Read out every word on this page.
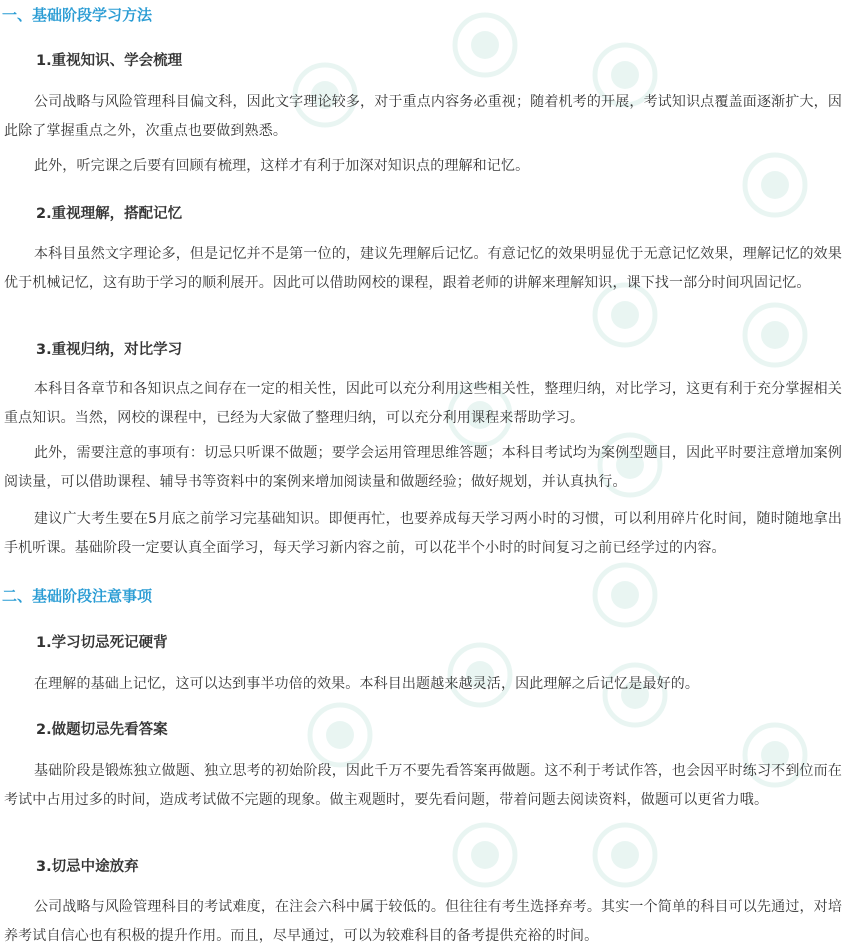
一、基础阶段学习方法
1.重视知识、学会梳理

公司战略与风险管理科目偏文科，因此文字理论较多，对于重点内容务必重视；随着机考的开展，考试知识点覆盖面逐渐扩大，因此除了掌握重点之外，次重点也要做到熟悉。

此外，听完课之后要有回顾有梳理，这样才有利于加深对知识点的理解和记忆。

2.重视理解，搭配记忆

本科目虽然文字理论多，但是记忆并不是第一位的，建议先理解后记忆。有意记忆的效果明显优于无意记忆效果，理解记忆的效果优于机械记忆，这有助于学习的顺利展开。因此可以借助网校的课程，跟着老师的讲解来理解知识，课下找一部分时间巩固记忆。

3.重视归纳，对比学习

本科目各章节和各知识点之间存在一定的相关性，因此可以充分利用这些相关性，整理归纳，对比学习，这更有利于充分掌握相关重点知识。当然，网校的课程中，已经为大家做了整理归纳，可以充分利用课程来帮助学习。

此外，需要注意的事项有：切忌只听课不做题；要学会运用管理思维答题；本科目考试均为案例型题目，因此平时要注意增加案例阅读量，可以借助课程、辅导书等资料中的案例来增加阅读量和做题经验；做好规划，并认真执行。

建议广大考生要在5月底之前学习完基础知识。即便再忙，也要养成每天学习两小时的习惯，可以利用碎片化时间，随时随地拿出手机听课。基础阶段一定要认真全面学习，每天学习新内容之前，可以花半个小时的时间复习之前已经学过的内容。

二、基础阶段注意事项
1.学习切忌死记硬背

在理解的基础上记忆，这可以达到事半功倍的效果。本科目出题越来越灵活，因此理解之后记忆是最好的。

2.做题切忌先看答案

基础阶段是锻炼独立做题、独立思考的初始阶段，因此千万不要先看答案再做题。这不利于考试作答，也会因平时练习不到位而在考试中占用过多的时间，造成考试做不完题的现象。做主观题时，要先看问题，带着问题去阅读资料，做题可以更省力哦。

3.切忌中途放弃

公司战略与风险管理科目的考试难度，在注会六科中属于较低的。但往往有考生选择弃考。其实一个简单的科目可以先通过，对培养考试自信心也有积极的提升作用。而且，尽早通过，可以为较难科目的备考提供充裕的时间。
